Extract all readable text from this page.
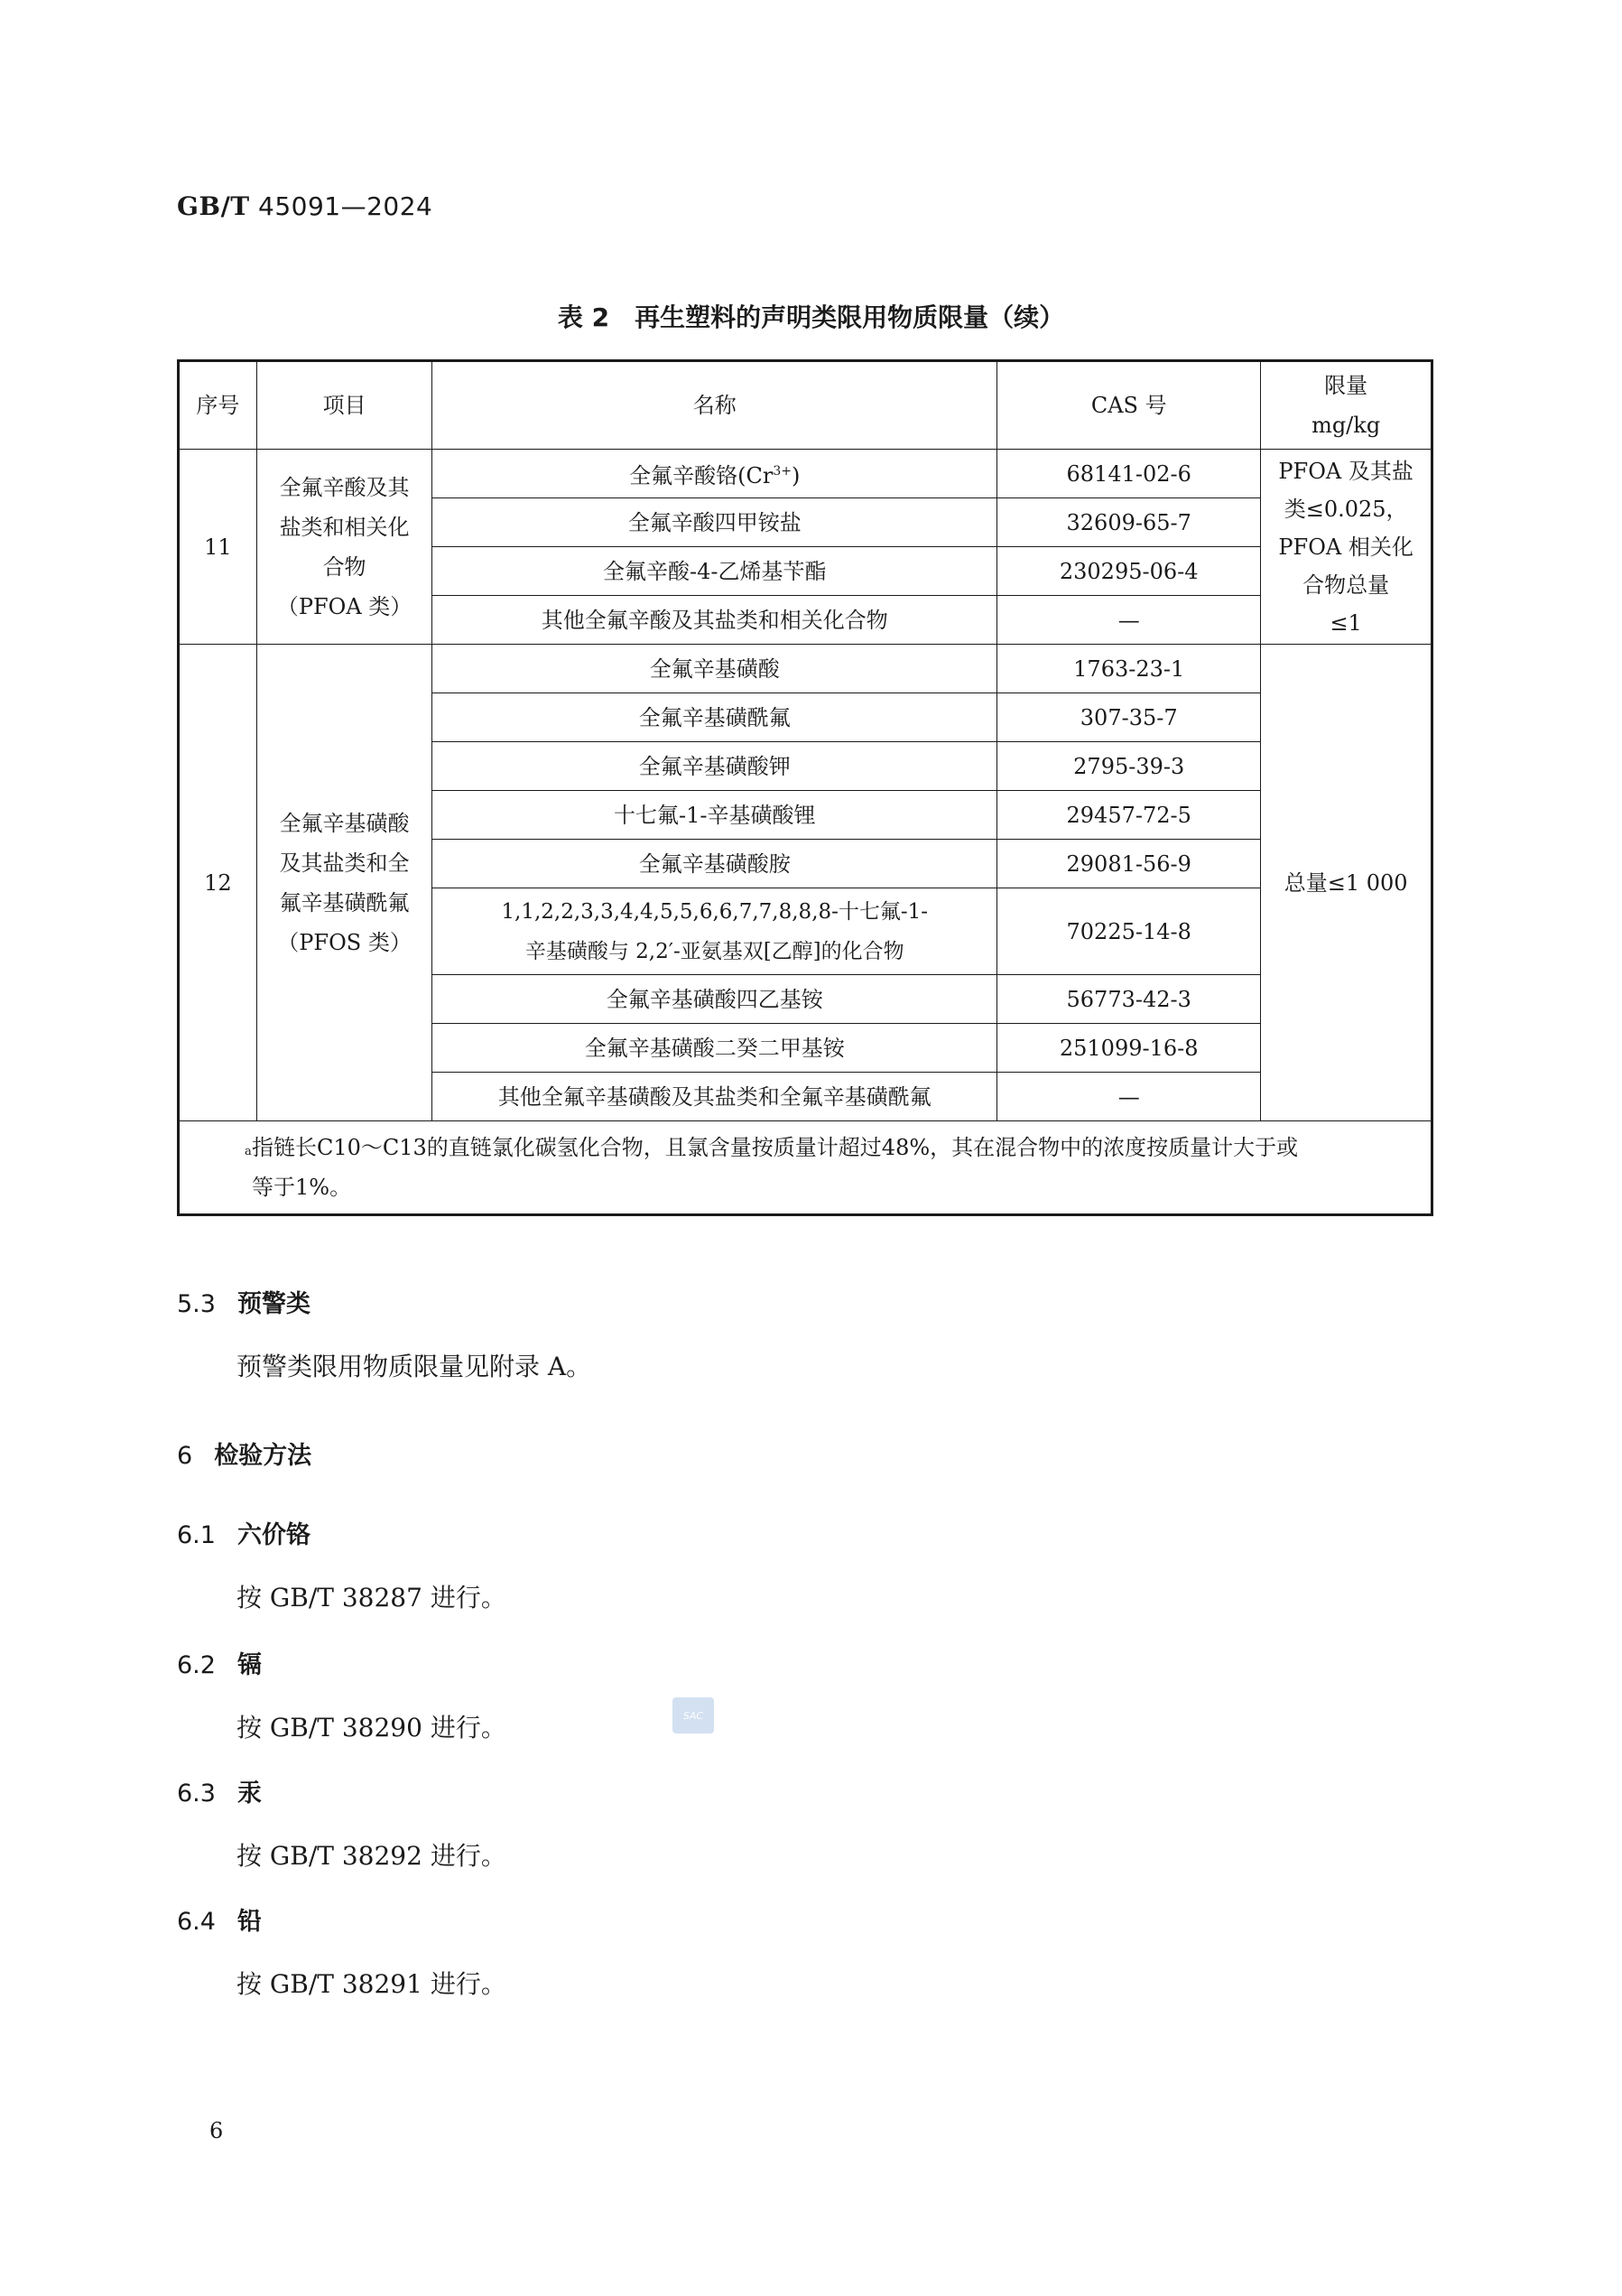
GB/T 45091—2024
表 2　再生塑料的声明类限用物质限量（续）
序号	项目	名称	CAS 号	限量
mg/kg
11	全氟辛酸及其
盐类和相关化
合物
（PFOA 类）	全氟辛酸铬$(Cr^{3+})$	68141-02-6	PFOA 及其盐
类≤0.025，
PFOA 相关化
合物总量
≤1
		全氟辛酸四甲铵盐	32609-65-7	
		全氟辛酸-4-乙烯基苄酯	230295-06-4	
		其他全氟辛酸及其盐类和相关化合物	—	
12	全氟辛基磺酸
及其盐类和全
氟辛基磺酰氟
（PFOS 类）	全氟辛基磺酸	1763-23-1	总量≤1 000
		全氟辛基磺酰氟	307-35-7	
		全氟辛基磺酸钾	2795-39-3	
		十七氟-1-辛基磺酸锂	29457-72-5	
		全氟辛基磺酸胺	29081-56-9	
		1,1,2,2,3,3,4,4,5,5,6,6,7,7,8,8,8-十七氟-1-
辛基磺酸与 2,2′-亚氨基双[乙醇]的化合物	70225-14-8	
		全氟辛基磺酸四乙基铵	56773-42-3	
		全氟辛基磺酸二癸二甲基铵	251099-16-8	
		其他全氟辛基磺酸及其盐类和全氟辛基磺酰氟	—	

a 指链长C10～C13的直链氯化碳氢化合物，且氯含量按质量计超过48%，其在混合物中的浓度按质量计大于或
等于1%。				
5.3 预警类
预警类限用物质限量见附录 A。
6 检验方法
6.1 六价铬
按 GB/T 38287 进行。
6.2 镉
按 GB/T 38290 进行。	SAC
6.3 汞
按 GB/T 38292 进行。
6.4 铅
按 GB/T 38291 进行。
6
